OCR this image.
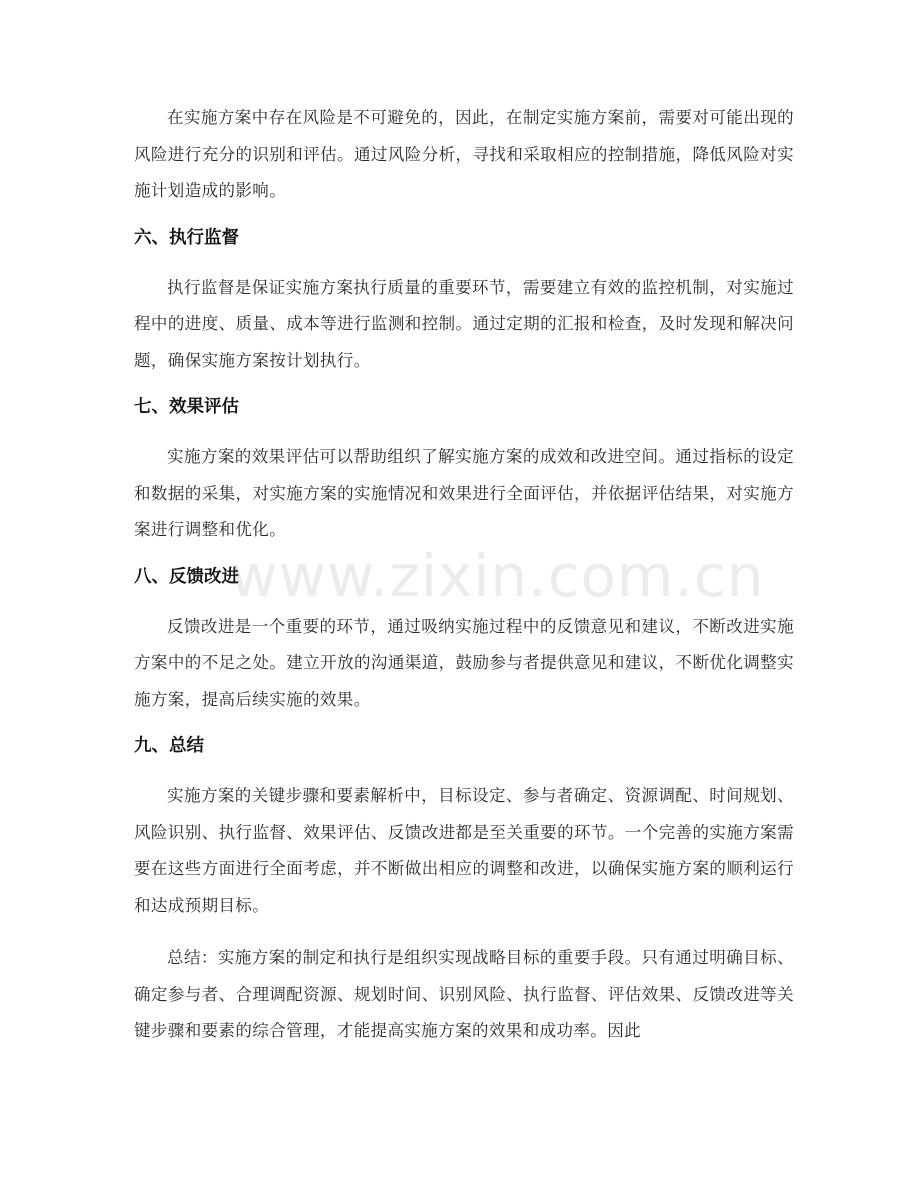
在实施方案中存在风险是不可避免的，因此，在制定实施方案前，需要对可能出现的风险进行充分的识别和评估。通过风险分析，寻找和采取相应的控制措施，降低风险对实施计划造成的影响。

六、执行监督

执行监督是保证实施方案执行质量的重要环节，需要建立有效的监控机制，对实施过程中的进度、质量、成本等进行监测和控制。通过定期的汇报和检查，及时发现和解决问题，确保实施方案按计划执行。

七、效果评估

实施方案的效果评估可以帮助组织了解实施方案的成效和改进空间。通过指标的设定和数据的采集，对实施方案的实施情况和效果进行全面评估，并依据评估结果，对实施方案进行调整和优化。

八、反馈改进

反馈改进是一个重要的环节，通过吸纳实施过程中的反馈意见和建议，不断改进实施方案中的不足之处。建立开放的沟通渠道，鼓励参与者提供意见和建议，不断优化调整实施方案，提高后续实施的效果。

九、总结

实施方案的关键步骤和要素解析中，目标设定、参与者确定、资源调配、时间规划、风险识别、执行监督、效果评估、反馈改进都是至关重要的环节。一个完善的实施方案需要在这些方面进行全面考虑，并不断做出相应的调整和改进，以确保实施方案的顺利运行和达成预期目标。

总结：实施方案的制定和执行是组织实现战略目标的重要手段。只有通过明确目标、确定参与者、合理调配资源、规划时间、识别风险、执行监督、评估效果、反馈改进等关键步骤和要素的综合管理，才能提高实施方案的效果和成功率。因此

www.zixin.com.cn
